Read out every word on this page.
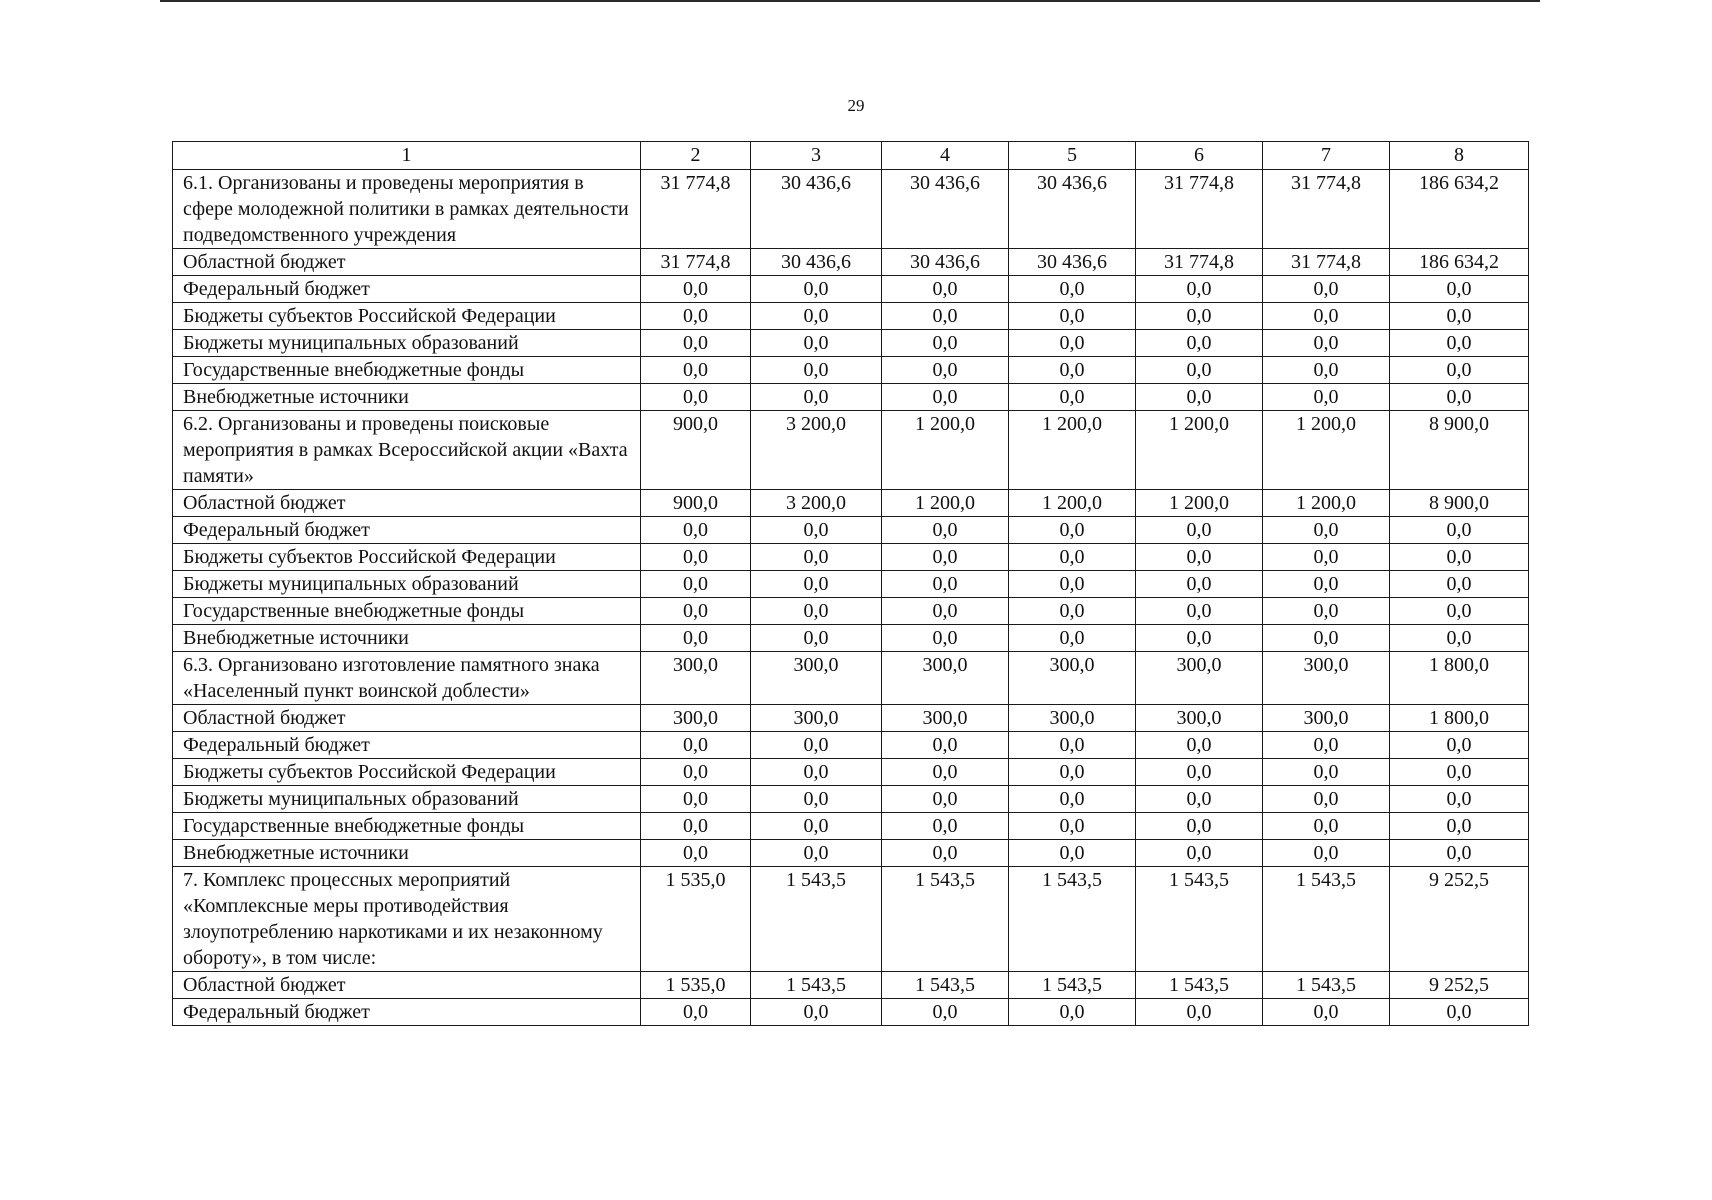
29
1	2	3	4	5	6	7	8
6.1. Организованы и проведены мероприятия в сфере молодежной политики в рамках деятельности подведомственного учреждения	31 774,8	30 436,6	30 436,6	30 436,6	31 774,8	31 774,8	186 634,2
Областной бюджет	31 774,8	30 436,6	30 436,6	30 436,6	31 774,8	31 774,8	186 634,2
Федеральный бюджет	0,0	0,0	0,0	0,0	0,0	0,0	0,0
Бюджеты субъектов Российской Федерации	0,0	0,0	0,0	0,0	0,0	0,0	0,0
Бюджеты муниципальных образований	0,0	0,0	0,0	0,0	0,0	0,0	0,0
Государственные внебюджетные фонды	0,0	0,0	0,0	0,0	0,0	0,0	0,0
Внебюджетные источники	0,0	0,0	0,0	0,0	0,0	0,0	0,0
6.2. Организованы и проведены поисковые мероприятия в рамках Всероссийской акции «Вахта памяти»	900,0	3 200,0	1 200,0	1 200,0	1 200,0	1 200,0	8 900,0
Областной бюджет	900,0	3 200,0	1 200,0	1 200,0	1 200,0	1 200,0	8 900,0
Федеральный бюджет	0,0	0,0	0,0	0,0	0,0	0,0	0,0
Бюджеты субъектов Российской Федерации	0,0	0,0	0,0	0,0	0,0	0,0	0,0
Бюджеты муниципальных образований	0,0	0,0	0,0	0,0	0,0	0,0	0,0
Государственные внебюджетные фонды	0,0	0,0	0,0	0,0	0,0	0,0	0,0
Внебюджетные источники	0,0	0,0	0,0	0,0	0,0	0,0	0,0
6.3. Организовано изготовление памятного знака «Населенный пункт воинской доблести»	300,0	300,0	300,0	300,0	300,0	300,0	1 800,0
Областной бюджет	300,0	300,0	300,0	300,0	300,0	300,0	1 800,0
Федеральный бюджет	0,0	0,0	0,0	0,0	0,0	0,0	0,0
Бюджеты субъектов Российской Федерации	0,0	0,0	0,0	0,0	0,0	0,0	0,0
Бюджеты муниципальных образований	0,0	0,0	0,0	0,0	0,0	0,0	0,0
Государственные внебюджетные фонды	0,0	0,0	0,0	0,0	0,0	0,0	0,0
Внебюджетные источники	0,0	0,0	0,0	0,0	0,0	0,0	0,0
7. Комплекс процессных мероприятий «Комплексные меры противодействия злоупотреблению наркотиками и их незаконному обороту», в том числе:	1 535,0	1 543,5	1 543,5	1 543,5	1 543,5	1 543,5	9 252,5
Областной бюджет	1 535,0	1 543,5	1 543,5	1 543,5	1 543,5	1 543,5	9 252,5
Федеральный бюджет	0,0	0,0	0,0	0,0	0,0	0,0	0,0
